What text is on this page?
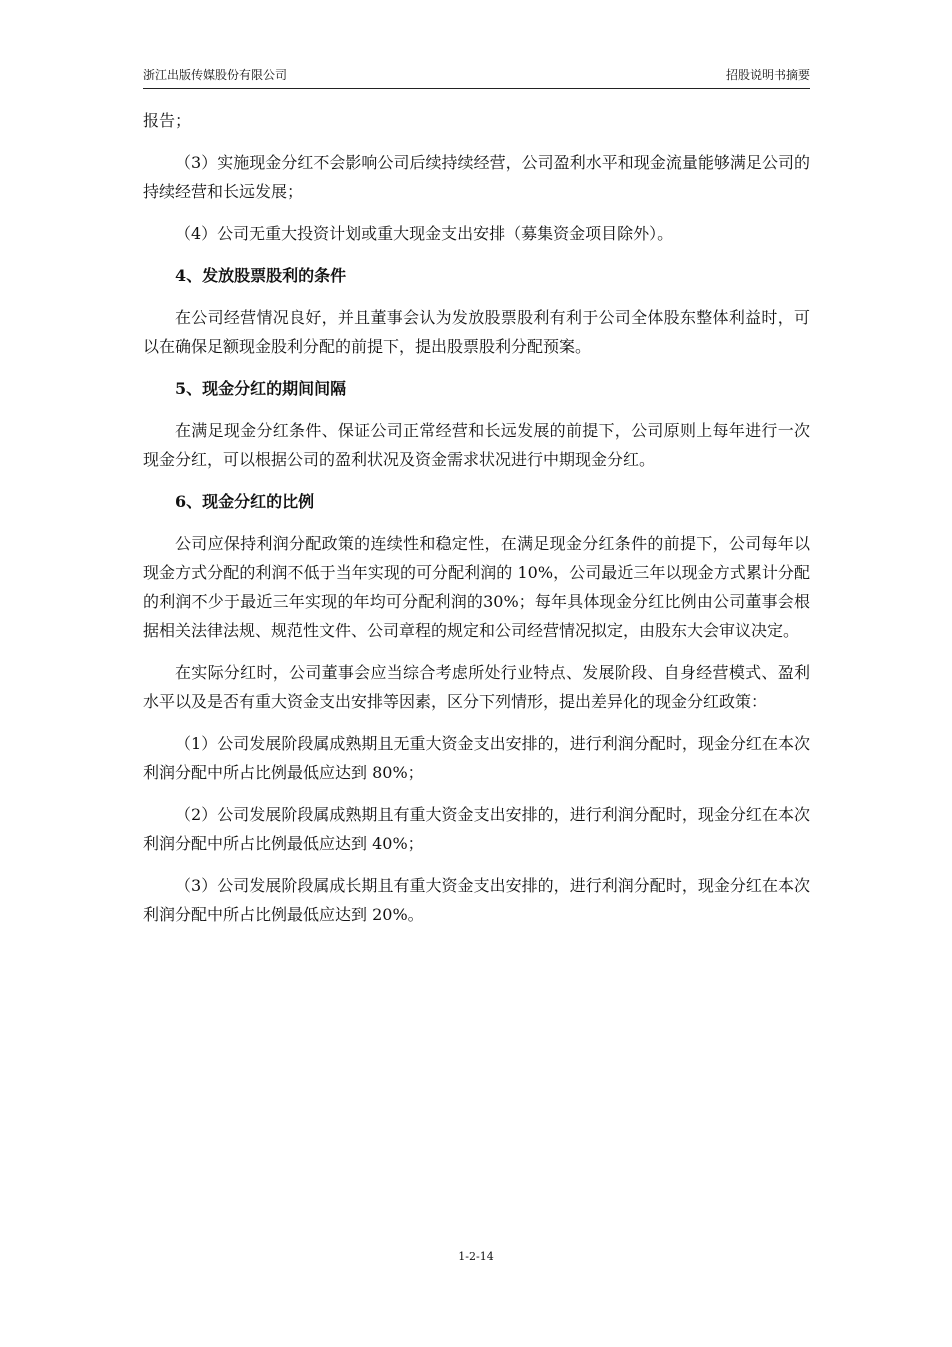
浙江出版传媒股份有限公司	招股说明书摘要

报告；

（3）实施现金分红不会影响公司后续持续经营，公司盈利水平和现金流量能够满足公司的持续经营和长远发展；

（4）公司无重大投资计划或重大现金支出安排（募集资金项目除外）。

4、发放股票股利的条件

在公司经营情况良好，并且董事会认为发放股票股利有利于公司全体股东整体利益时，可以在确保足额现金股利分配的前提下，提出股票股利分配预案。

5、现金分红的期间间隔

在满足现金分红条件、保证公司正常经营和长远发展的前提下，公司原则上每年进行一次现金分红，可以根据公司的盈利状况及资金需求状况进行中期现金分红。

6、现金分红的比例

公司应保持利润分配政策的连续性和稳定性，在满足现金分红条件的前提下，公司每年以现金方式分配的利润不低于当年实现的可分配利润的 10%，公司最近三年以现金方式累计分配的利润不少于最近三年实现的年均可分配利润的30%；每年具体现金分红比例由公司董事会根据相关法律法规、规范性文件、公司章程的规定和公司经营情况拟定，由股东大会审议决定。

在实际分红时，公司董事会应当综合考虑所处行业特点、发展阶段、自身经营模式、盈利水平以及是否有重大资金支出安排等因素，区分下列情形，提出差异化的现金分红政策：

（1）公司发展阶段属成熟期且无重大资金支出安排的，进行利润分配时，现金分红在本次利润分配中所占比例最低应达到 80%；

（2）公司发展阶段属成熟期且有重大资金支出安排的，进行利润分配时，现金分红在本次利润分配中所占比例最低应达到 40%；

（3）公司发展阶段属成长期且有重大资金支出安排的，进行利润分配时，现金分红在本次利润分配中所占比例最低应达到 20%。

1-2-14
